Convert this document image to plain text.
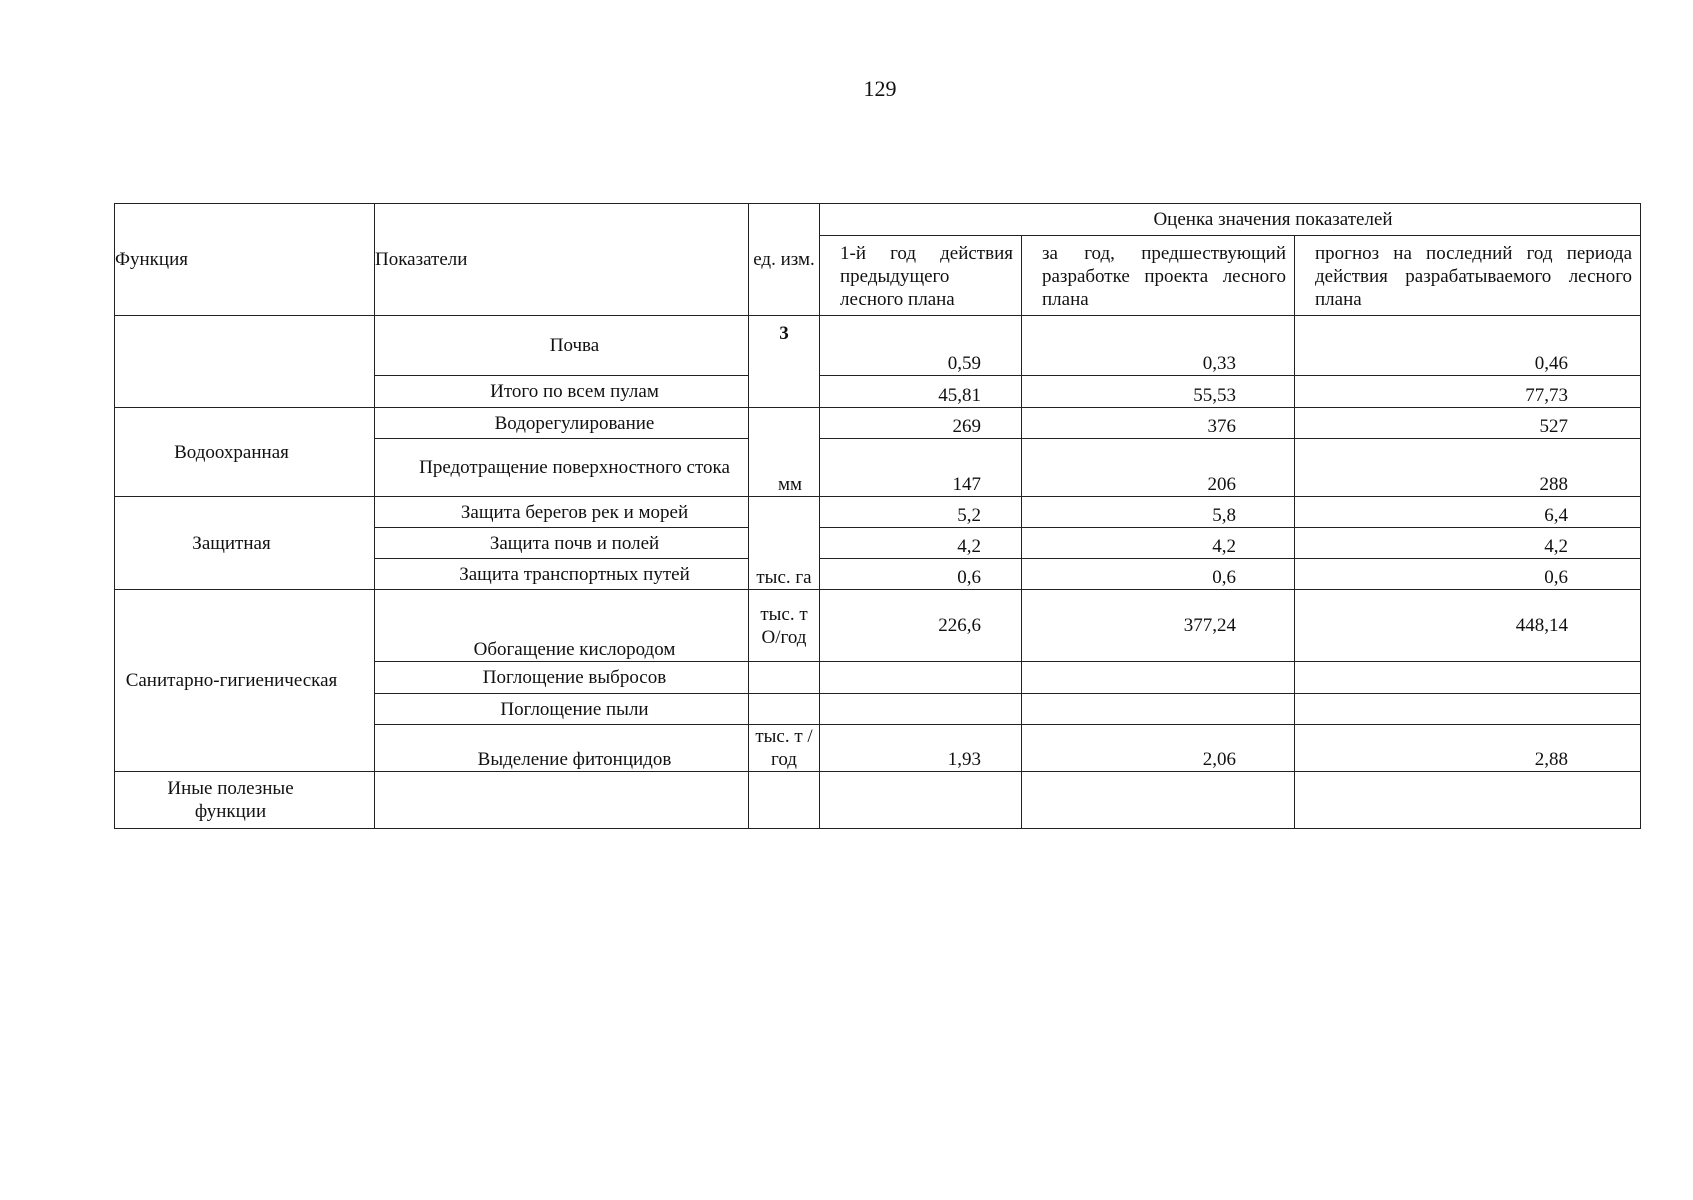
129
Функция	Показатели	ед. изм.	Оценка значения показателей		
			1-й год действия предыдущего лесного плана	за год, предшествующий разработке проекта лесного плана	прогноз на последний год периода действия разрабатываемого лесного плана
	Почва	3	0,59	0,33	0,46
	Итого по всем пулам		45,81	55,53	77,73
Водоохранная	Водорегулирование	мм	269	376	527
	Предотращение поверхностного стока		147	206	288
Защитная	Защита берегов рек и морей	тыс. га	5,2	5,8	6,4
	Защита почв и полей		4,2	4,2	4,2
	Защита транспортных путей		0,6	0,6	0,6
Санитарно-гигиеническая	Обогащение кислородом	тыс. т О/год	226,6	377,24	448,14
	Поглощение выбросов				
	Поглощение пыли				
	Выделение фитонцидов	тыс. т /год	1,93	2,06	2,88
Иные полезные функции					
